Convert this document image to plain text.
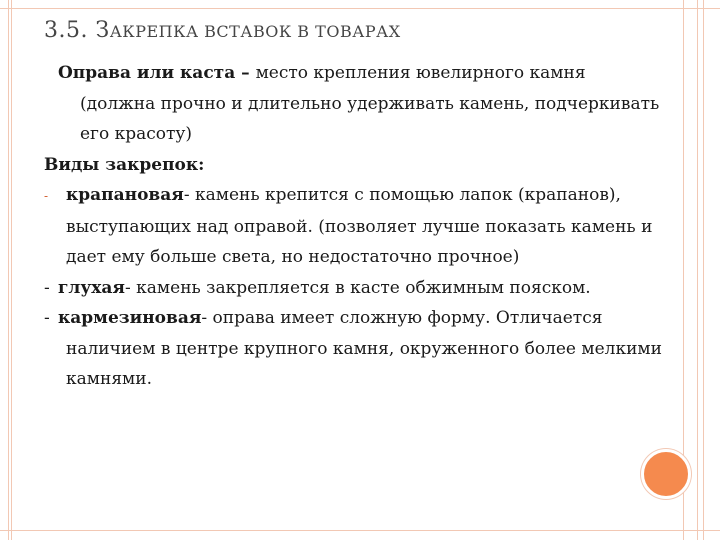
3.5. ЗАКРЕПКА ВСТАВОК В ТОВАРАХ

Оправа или каста – место крепления ювелирного камня (должна прочно и длительно удерживать камень, подчеркивать его красоту)

Виды закрепок:

- крапановая- камень крепится с помощью лапок (крапанов), выступающих над оправой. (позволяет лучше показать камень и дает ему больше света, но недостаточно прочное)

- глухая- камень закрепляется в касте обжимным пояском.

- кармезиновая- оправа имеет сложную форму. Отличается наличием в центре крупного камня, окруженного более мелкими камнями.
